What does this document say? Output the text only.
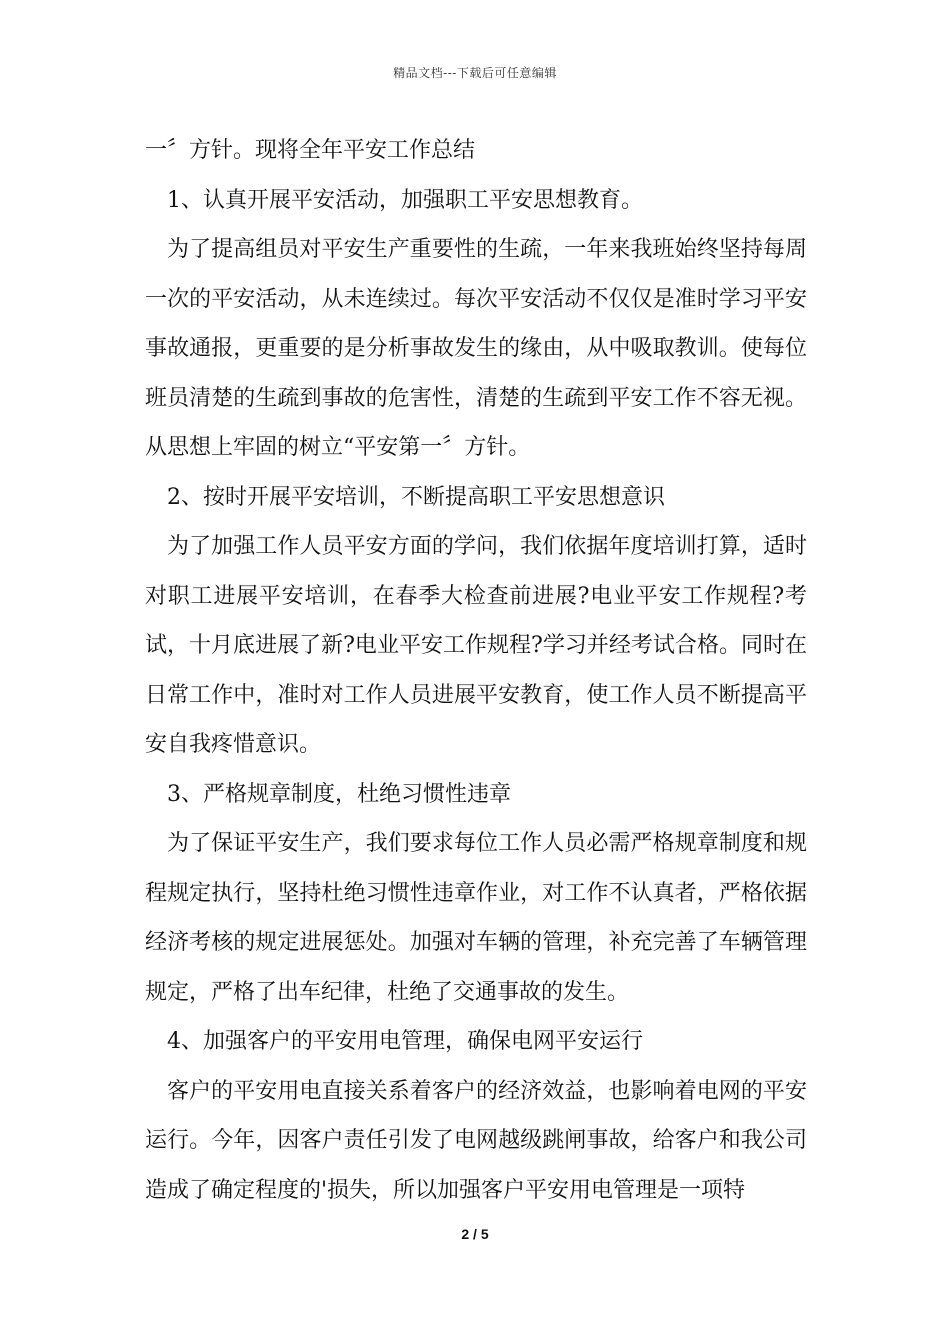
精品文档---下载后可任意编辑

一〞方针。现将全年平安工作总结

1、认真开展平安活动，加强职工平安思想教育。

为了提高组员对平安生产重要性的生疏，一年来我班始终坚持每周一次的平安活动，从未连续过。每次平安活动不仅仅是准时学习平安事故通报，更重要的是分析事故发生的缘由，从中吸取教训。使每位班员清楚的生疏到事故的危害性，清楚的生疏到平安工作不容无视。从思想上牢固的树立“平安第一〞方针。

2、按时开展平安培训，不断提高职工平安思想意识

为了加强工作人员平安方面的学问，我们依据年度培训打算，适时对职工进展平安培训，在春季大检查前进展?电业平安工作规程?考试，十月底进展了新?电业平安工作规程?学习并经考试合格。同时在日常工作中，准时对工作人员进展平安教育，使工作人员不断提高平安自我疼惜意识。

3、严格规章制度，杜绝习惯性违章

为了保证平安生产，我们要求每位工作人员必需严格规章制度和规程规定执行，坚持杜绝习惯性违章作业，对工作不认真者，严格依据经济考核的规定进展惩处。加强对车辆的管理，补充完善了车辆管理规定，严格了出车纪律，杜绝了交通事故的发生。

4、加强客户的平安用电管理，确保电网平安运行

客户的平安用电直接关系着客户的经济效益，也影响着电网的平安运行。今年，因客户责任引发了电网越级跳闸事故，给客户和我公司造成了确定程度的'损失，所以加强客户平安用电管理是一项特

2 / 5
